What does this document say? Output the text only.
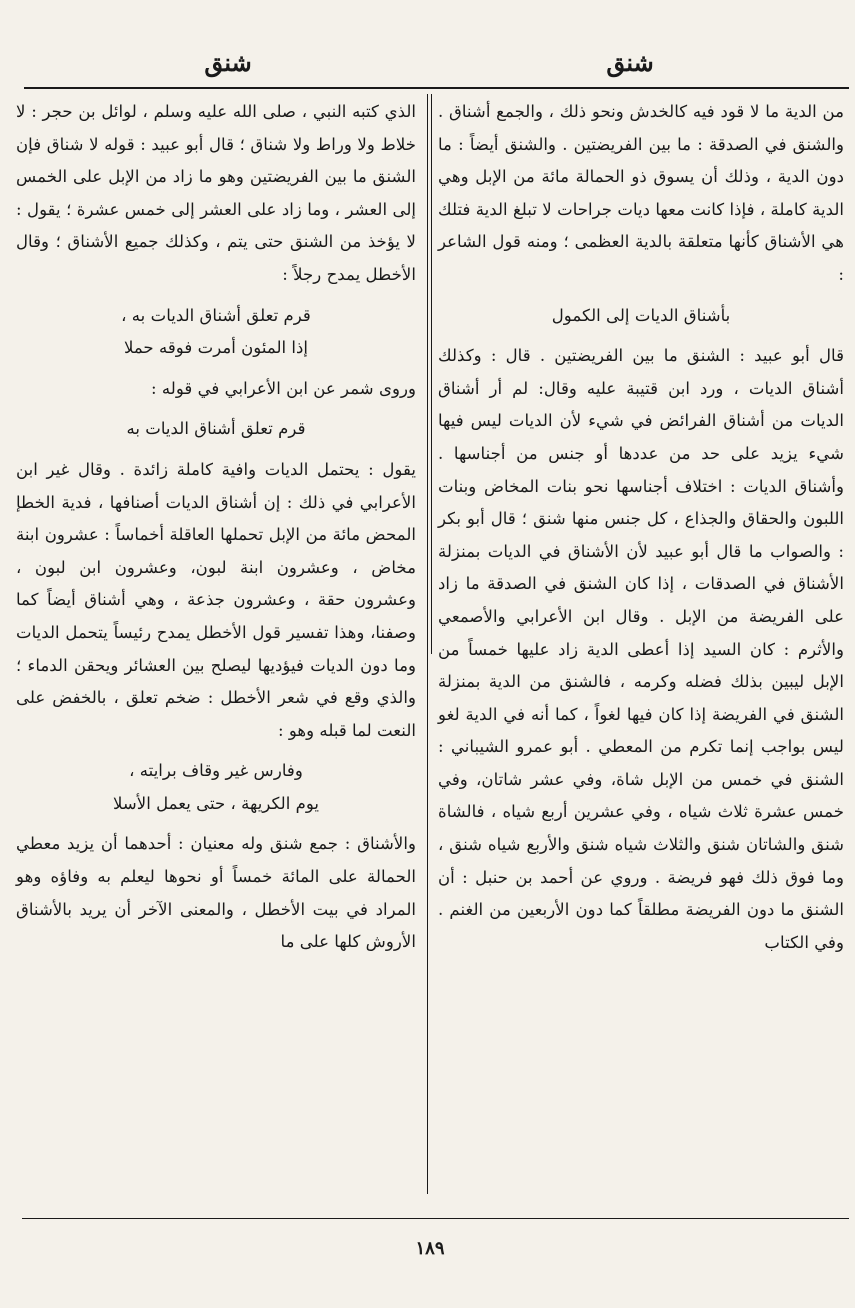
شنق	شنق

من الدية ما لا قود فيه كالخدش ونحو ذلك ، والجمع أشناق . والشنق في الصدقة : ما بين الفريضتين . والشنق أيضاً : ما دون الدية ، وذلك أن يسوق ذو الحمالة مائة من الإبل وهي الدية كاملة ، فإذا كانت معها ديات جراحات لا تبلغ الدية فتلك هي الأشناق كأنها متعلقة بالدية العظمى ؛ ومنه قول الشاعر :

بأشناق الديات إلى الكمول

قال أبو عبيد : الشنق ما بين الفريضتين . قال : وكذلك أشناق الديات ، ورد ابن قتيبة عليه وقال: لم أر أشناق الديات من أشناق الفرائض في شيء لأن الديات ليس فيها شيء يزيد على حد من عددها أو جنس من أجناسها . وأشناق الديات : اختلاف أجناسها نحو بنات المخاض وبنات اللبون والحقاق والجذاع ، كل جنس منها شنق ؛ قال أبو بكر : والصواب ما قال أبو عبيد لأن الأشناق في الديات بمنزلة الأشناق في الصدقات ، إذا كان الشنق في الصدقة ما زاد على الفريضة من الإبل . وقال ابن الأعرابي والأصمعي والأثرم : كان السيد إذا أعطى الدية زاد عليها خمساً من الإبل ليبين بذلك فضله وكرمه ، فالشنق من الدية بمنزلة الشنق في الفريضة إذا كان فيها لغواً ، كما أنه في الدية لغو ليس بواجب إنما تكرم من المعطي . أبو عمرو الشيباني : الشنق في خمس من الإبل شاة، وفي عشر شاتان، وفي خمس عشرة ثلاث شياه ، وفي عشرين أربع شياه ، فالشاة شنق والشاتان شنق والثلاث شياه شنق والأربع شياه شنق ، وما فوق ذلك فهو فريضة . وروي عن أحمد بن حنبل : أن الشنق ما دون الفريضة مطلقاً كما دون الأربعين من الغنم . وفي الكتاب

الذي كتبه النبي ، صلى الله عليه وسلم ، لوائل بن حجر : لا خلاط ولا وراط ولا شناق ؛ قال أبو عبيد : قوله لا شناق فإن الشنق ما بين الفريضتين وهو ما زاد من الإبل على الخمس إلى العشر ، وما زاد على العشر إلى خمس عشرة ؛ يقول : لا يؤخذ من الشنق حتى يتم ، وكذلك جميع الأشناق ؛ وقال الأخطل يمدح رجلاً :

قرم تعلق أشناق الديات به ،
إذا المئون أمرت فوقه حملا

وروى شمر عن ابن الأعرابي في قوله :

قرم تعلق أشناق الديات به

يقول : يحتمل الديات وافية كاملة زائدة . وقال غير ابن الأعرابي في ذلك : إن أشناق الديات أصنافها ، فدية الخطإ المحض مائة من الإبل تحملها العاقلة أخماساً : عشرون ابنة مخاض ، وعشرون ابنة لبون، وعشرون ابن لبون ، وعشرون حقة ، وعشرون جذعة ، وهي أشناق أيضاً كما وصفنا، وهذا تفسير قول الأخطل يمدح رئيساً يتحمل الديات وما دون الديات فيؤديها ليصلح بين العشائر ويحقن الدماء ؛ والذي وقع في شعر الأخطل : ضخم تعلق ، بالخفض على النعت لما قبله وهو :

وفارس غير وقاف برايته ،
يوم الكريهة ، حتى يعمل الأسلا

والأشناق : جمع شنق وله معنيان : أحدهما أن يزيد معطي الحمالة على المائة خمساً أو نحوها ليعلم به وفاؤه وهو المراد في بيت الأخطل ، والمعنى الآخر أن يريد بالأشناق الأروش كلها على ما

١٨٩
